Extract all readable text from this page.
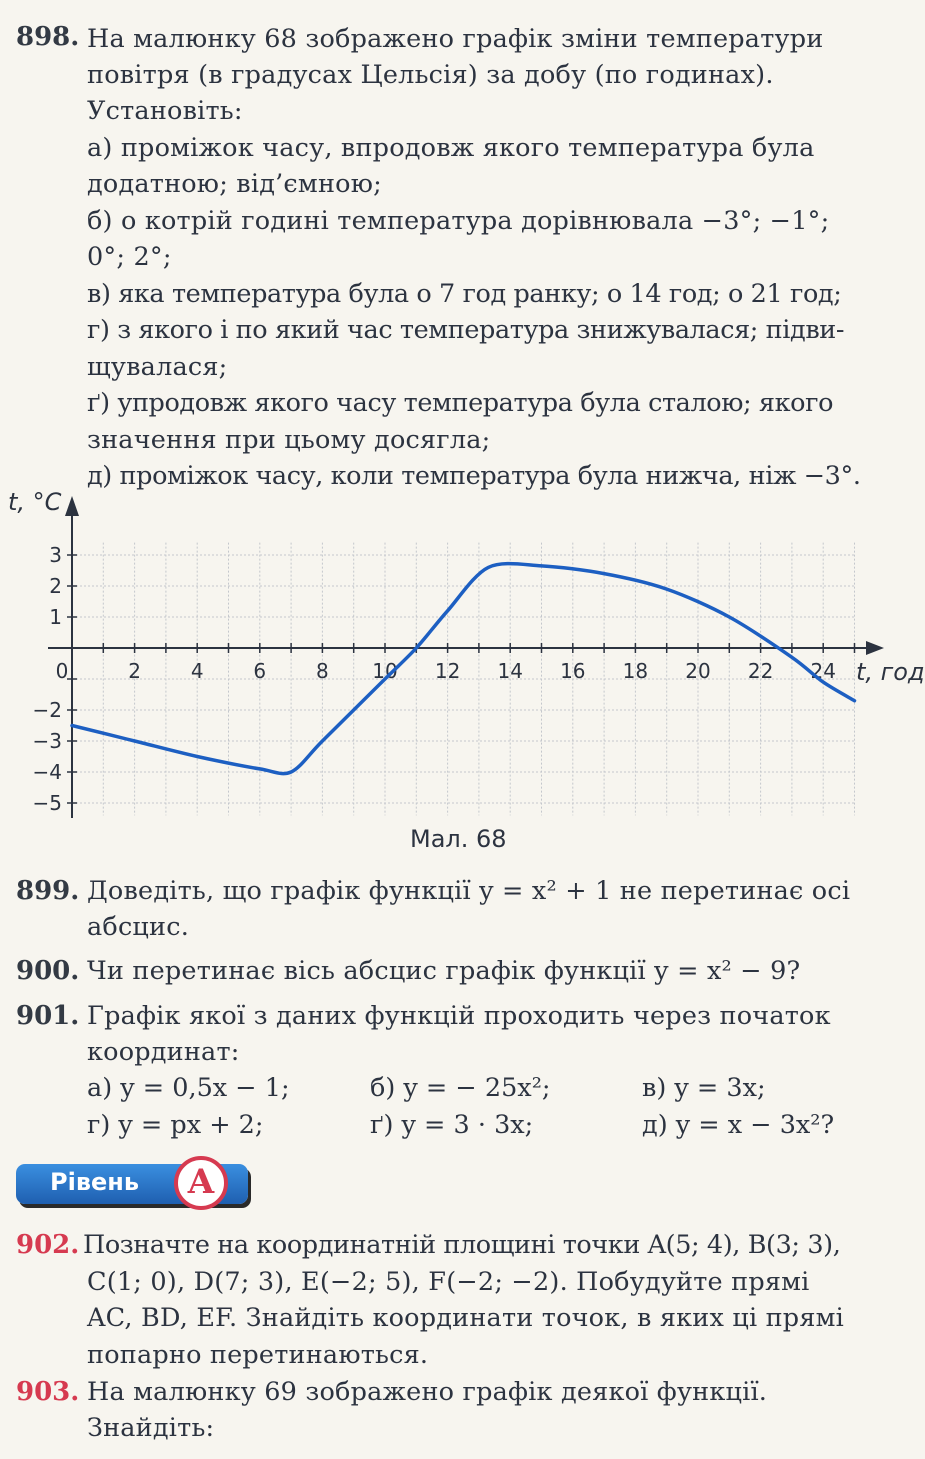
898. На малюнку 68 зображено графік зміни температури
повітря (в градусах Цельсія) за добу (по годинах).
Установіть:
а) проміжок часу, впродовж якого температура була
додатною; від’ємною;
б) о котрій годині температура дорівнювала −3°; −1°;
0°; 2°;
в) яка температура була о 7 год ранку; о 14 год; о 21 год;
г) з якого і по який час температура знижувалася; підви-
щувалася;
ґ) упродовж якого часу температура була сталою; якого
значення при цьому досягла;
д) проміжок часу, коли температура була нижча, ніж −3°.
0	2 4 6 8 10 12 14 16 18 20 22 24
3
2
1
−2
−3
−4
−5
t, °C
t, год
Мал. 68
899. Доведіть, що графік функції y = x² + 1 не перетинає осі
абсцис.
900. Чи перетинає вісь абсцис графік функції y = x² − 9?
901. Графік якої з даних функцій проходить через початок
координат:
а) y = 0,5x − 1;	б) y = − 25x²;	в) y = 3x;
г) y = px + 2;	ґ) y = 3 · 3x;	д) y = x − 3x²?
Рівень A
902. Позначте на координатній площині точки A(5; 4), B(3; 3),
C(1; 0), D(7; 3), E(−2; 5), F(−2; −2). Побудуйте прямі
AC, BD, EF. Знайдіть координати точок, в яких ці прямі
попарно перетинаються.
903. На малюнку 69 зображено графік деякої функції.
Знайдіть:
